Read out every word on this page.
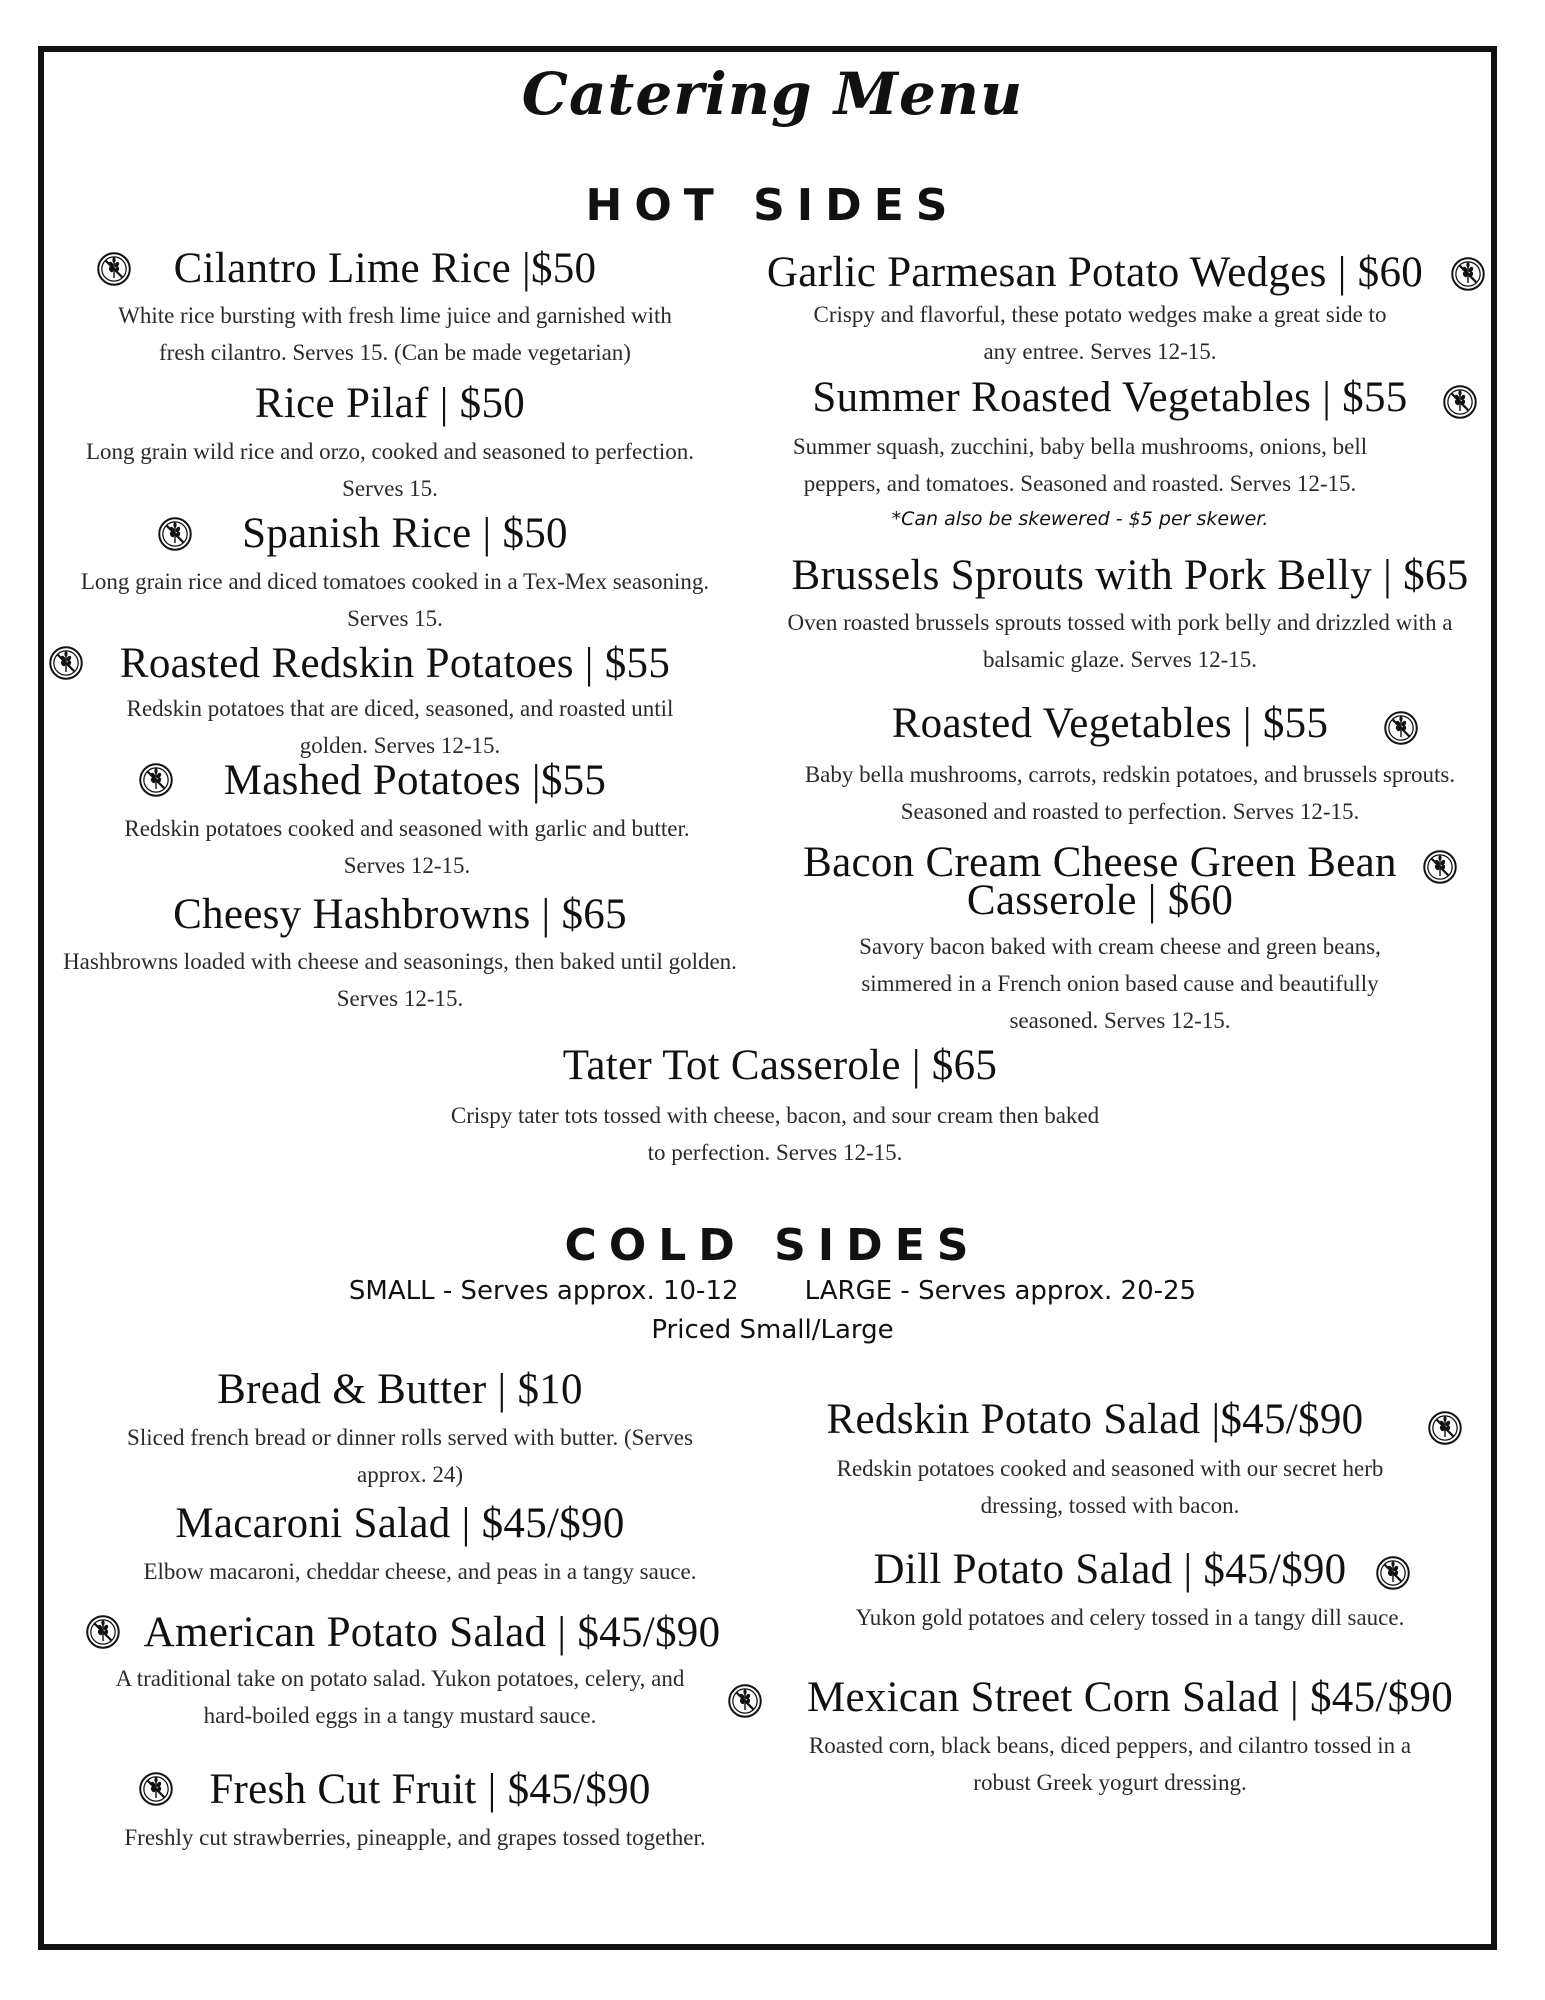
Catering Menu
HOT SIDES
Cilantro Lime Rice |$50
White rice bursting with fresh lime juice and garnished with fresh cilantro. Serves 15. (Can be made vegetarian)
Rice Pilaf | $50
Long grain wild rice and orzo, cooked and seasoned to perfection. Serves 15.
Spanish Rice | $50
Long grain rice and diced tomatoes cooked in a Tex-Mex seasoning. Serves 15.
Roasted Redskin Potatoes | $55
Redskin potatoes that are diced, seasoned, and roasted until golden. Serves 12-15.
Mashed Potatoes |$55
Redskin potatoes cooked and seasoned with garlic and butter. Serves 12-15.
Cheesy Hashbrowns | $65
Hashbrowns loaded with cheese and seasonings, then baked until golden. Serves 12-15.
Garlic Parmesan Potato Wedges | $60
Crispy and flavorful, these potato wedges make a great side to any entree. Serves 12-15.
Summer Roasted Vegetables | $55
Summer squash, zucchini, baby bella mushrooms, onions, bell peppers, and tomatoes. Seasoned and roasted. Serves 12-15.
*Can also be skewered - $5 per skewer.
Brussels Sprouts with Pork Belly | $65
Oven roasted brussels sprouts tossed with pork belly and drizzled with a balsamic glaze. Serves 12-15.
Roasted Vegetables | $55
Baby bella mushrooms, carrots, redskin potatoes, and brussels sprouts. Seasoned and roasted to perfection. Serves 12-15.
Bacon Cream Cheese Green Bean Casserole | $60
Savory bacon baked with cream cheese and green beans, simmered in a French onion based cause and beautifully seasoned. Serves 12-15.
Tater Tot Casserole | $65
Crispy tater tots tossed with cheese, bacon, and sour cream then baked to perfection. Serves 12-15.
COLD SIDES
SMALL - Serves approx. 10-12        LARGE - Serves approx. 20-25
Priced Small/Large
Bread & Butter | $10
Sliced french bread or dinner rolls served with butter. (Serves approx. 24)
Macaroni Salad | $45/$90
Elbow macaroni, cheddar cheese, and peas in a tangy sauce.
American Potato Salad | $45/$90
A traditional take on potato salad. Yukon potatoes, celery, and hard-boiled eggs in a tangy mustard sauce.
Fresh Cut Fruit | $45/$90
Freshly cut strawberries, pineapple, and grapes tossed together.
Redskin Potato Salad |$45/$90
Redskin potatoes cooked and seasoned with our secret herb dressing, tossed with bacon.
Dill Potato Salad | $45/$90
Yukon gold potatoes and celery tossed in a tangy dill sauce.
Mexican Street Corn Salad | $45/$90
Roasted corn, black beans, diced peppers, and cilantro tossed in a robust Greek yogurt dressing.
